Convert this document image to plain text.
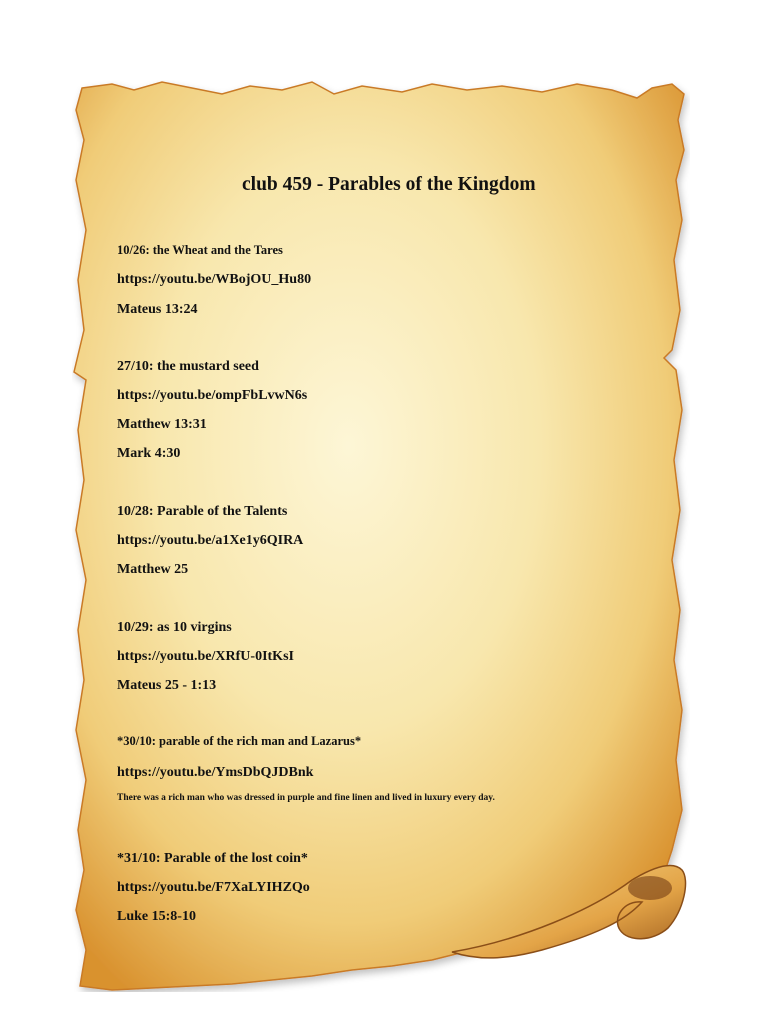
club 459 - Parables of the Kingdom
10/26: the Wheat and the Tares
https://youtu.be/WBojOU_Hu80
Mateus 13:24
27/10: the mustard seed
https://youtu.be/ompFbLvwN6s
Matthew 13:31
Mark 4:30
10/28: Parable of the Talents
https://youtu.be/a1Xe1y6QIRA
Matthew 25
10/29: as 10 virgins
https://youtu.be/XRfU-0ItKsI
Mateus 25 - 1:13
*30/10: parable of the rich man and Lazarus*
https://youtu.be/YmsDbQJDBnk
There was a rich man who was dressed in purple and fine linen and lived in luxury every day.
*31/10: Parable of the lost coin*
https://youtu.be/F7XaLYIHZQo
Luke 15:8-10
